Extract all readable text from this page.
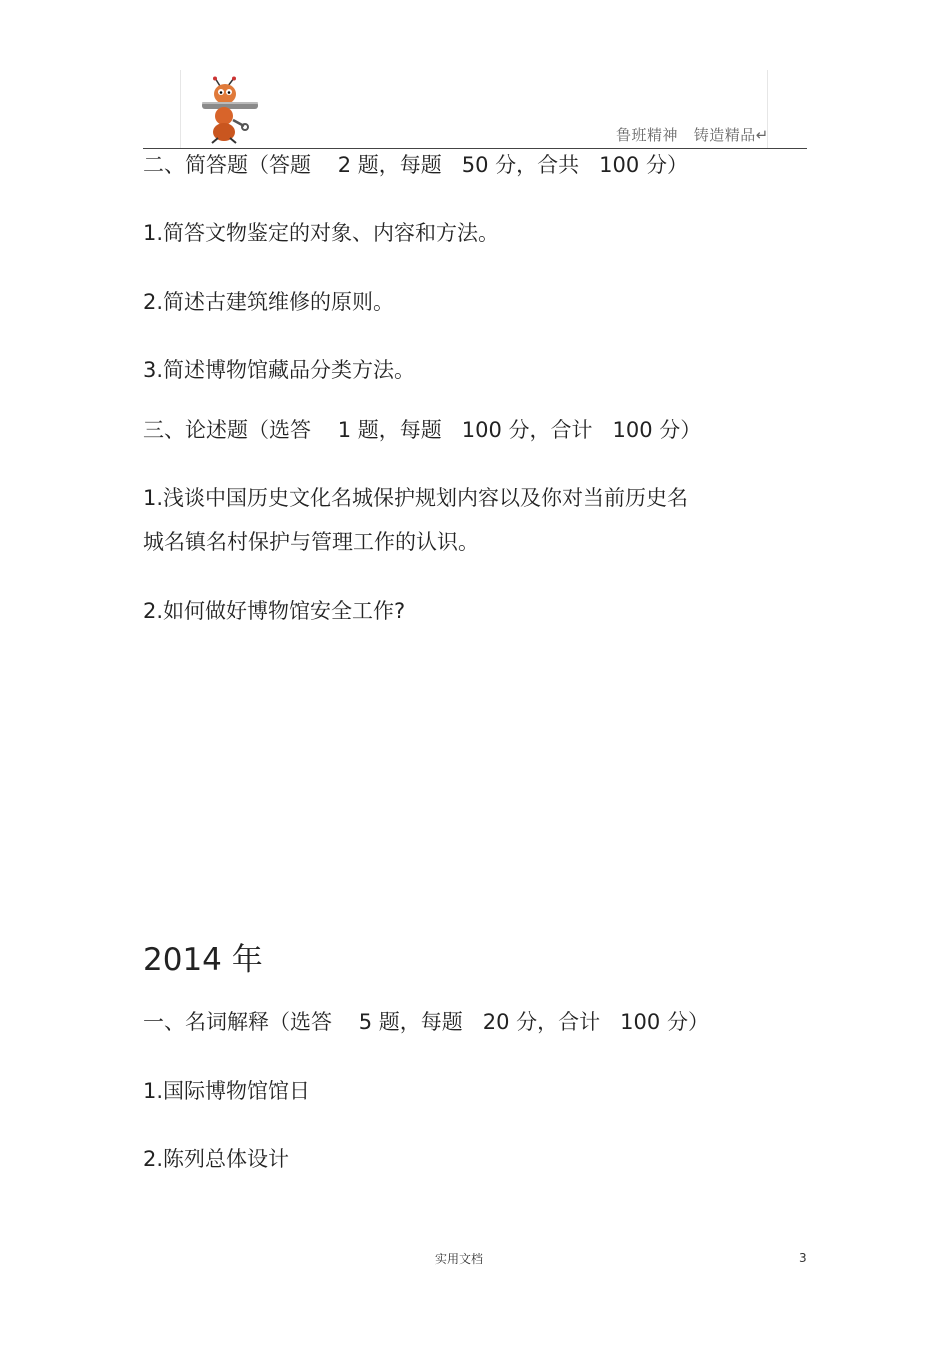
鲁班精神   铸造精品↵
二、简答题（答题    2 题，每题   50 分，合共   100 分）
1.简答文物鉴定的对象、内容和方法。
2.简述古建筑维修的原则。
3.简述博物馆藏品分类方法。
三、论述题（选答    1 题，每题   100 分，合计   100 分）
1.浅谈中国历史文化名城保护规划内容以及你对当前历史名
城名镇名村保护与管理工作的认识。
2.如何做好博物馆安全工作?
2014 年
一、名词解释（选答    5 题，每题   20 分，合计   100 分）
1.国际博物馆馆日
2.陈列总体设计
实用文档	3
